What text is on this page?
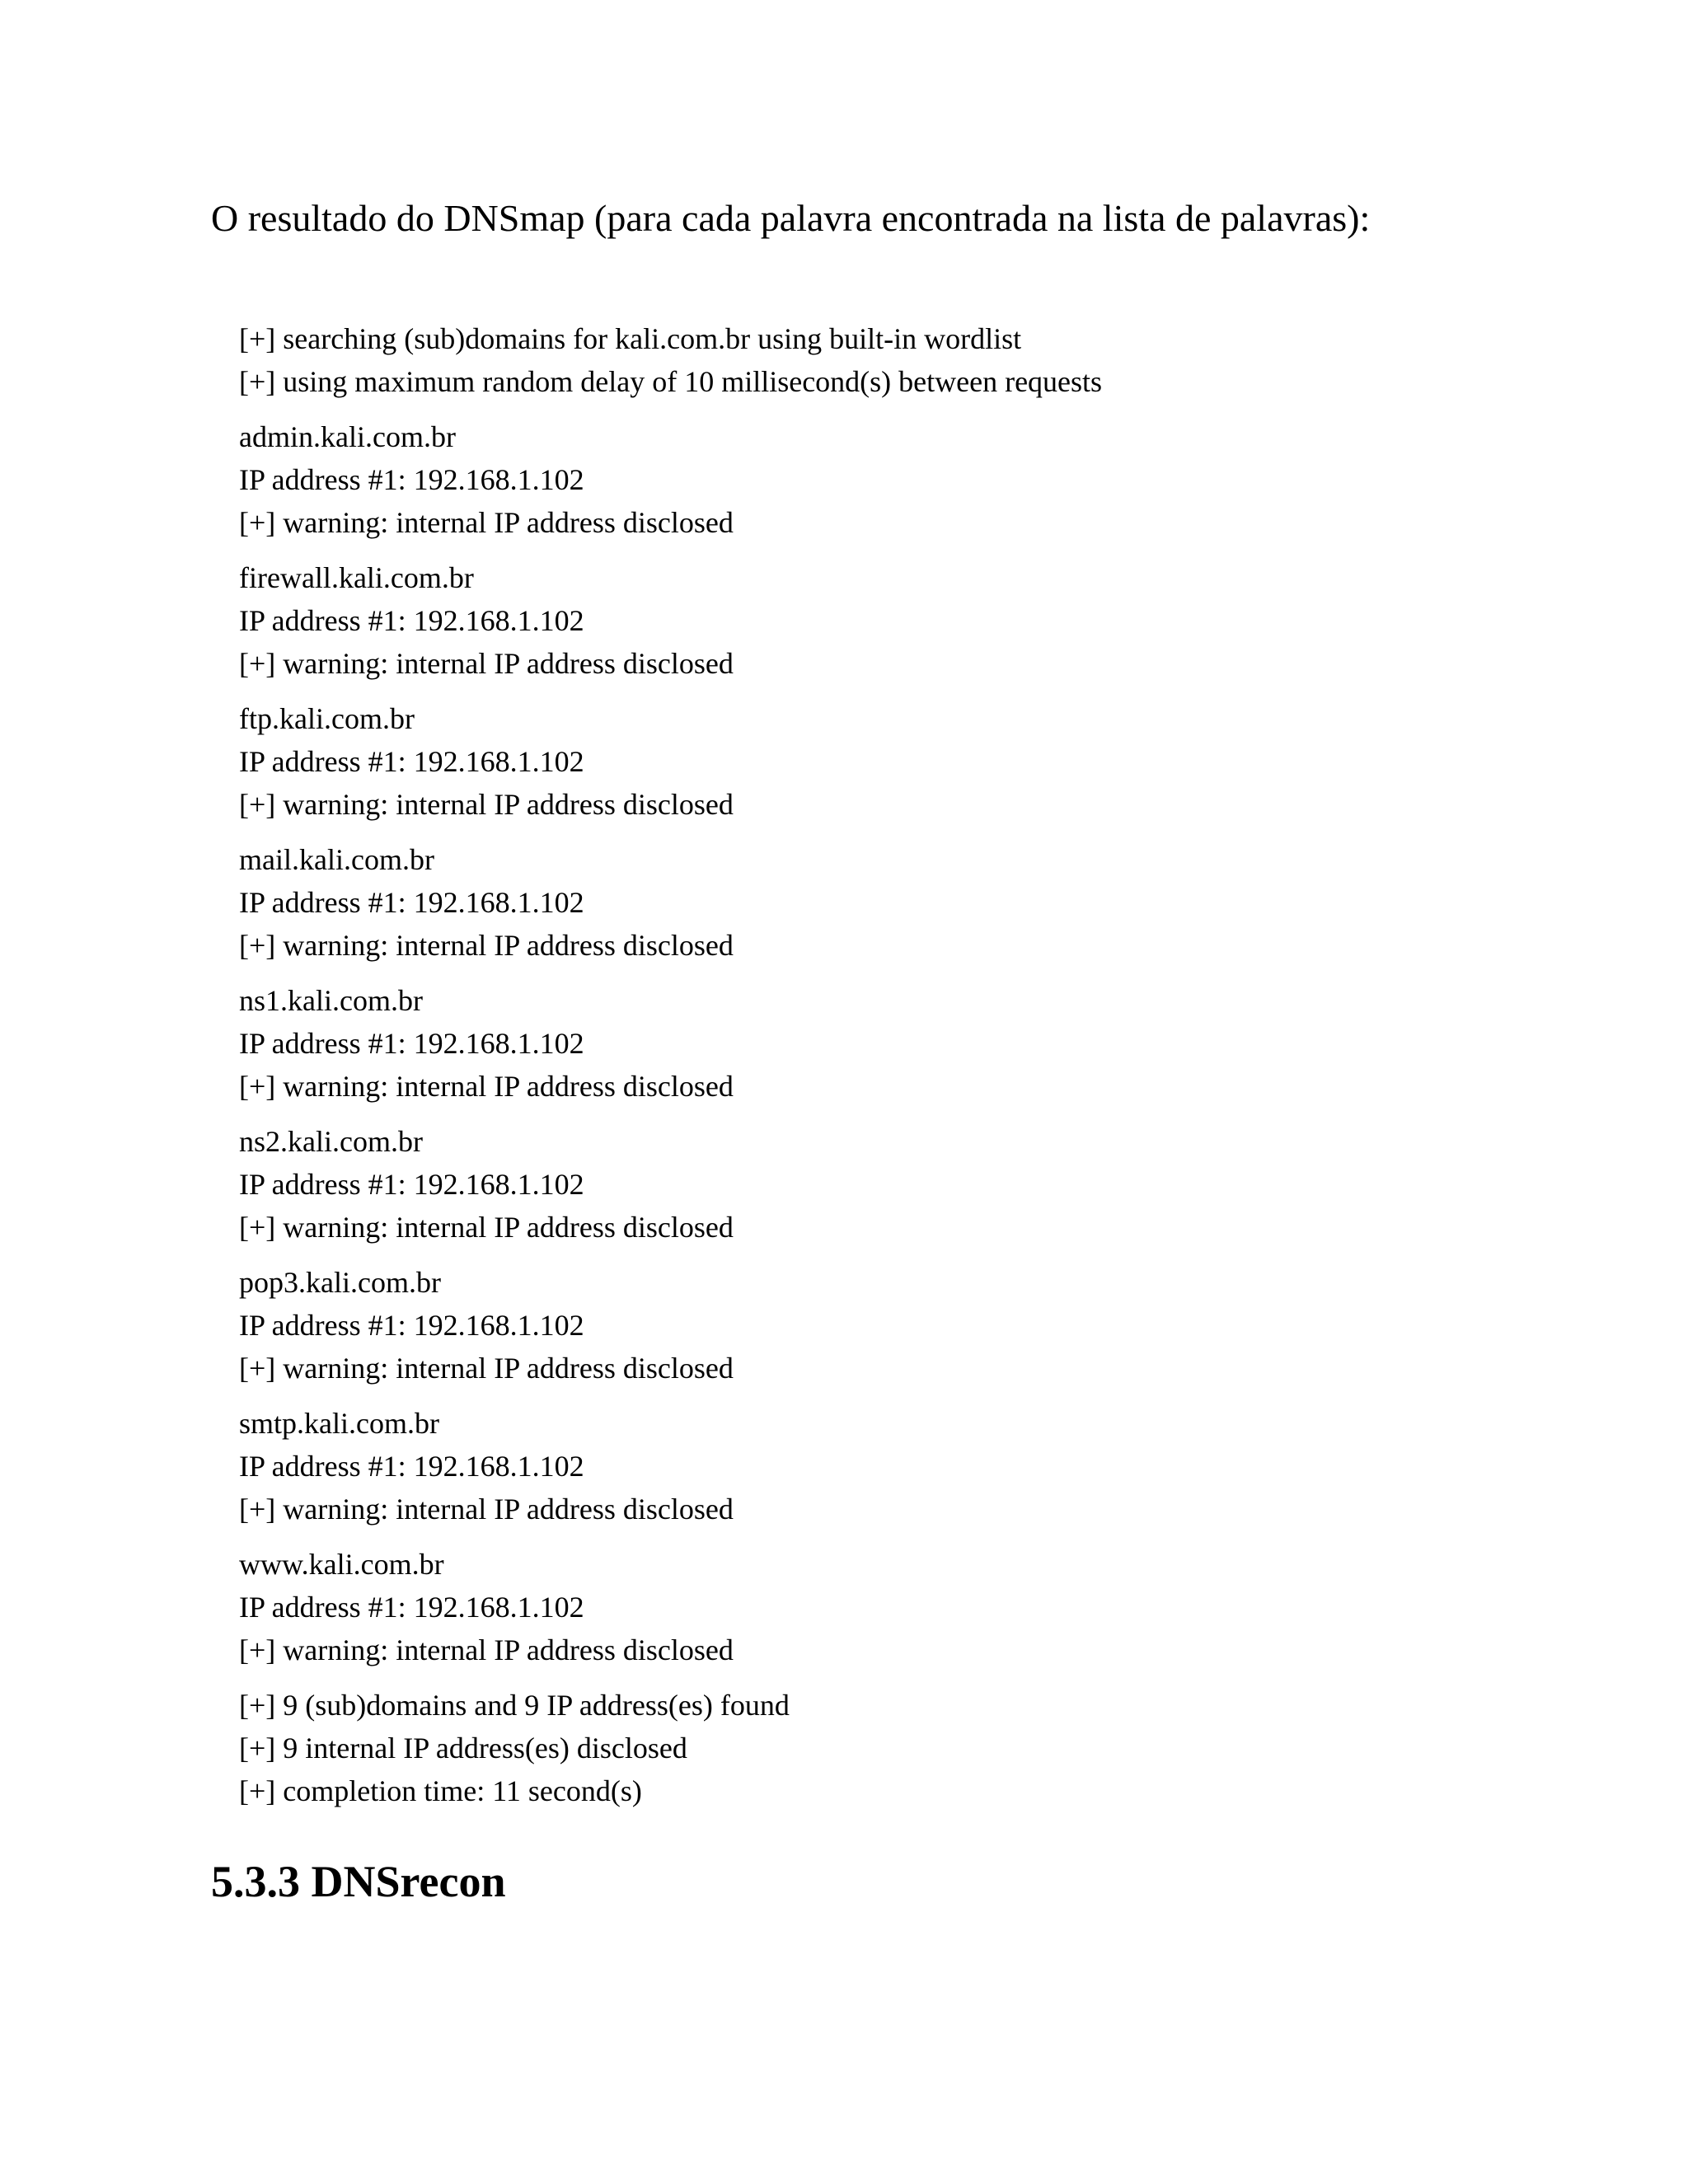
O resultado do DNSmap (para cada palavra encontrada na lista de palavras):

[+] searching (sub)domains for kali.com.br using built-in wordlist
[+] using maximum random delay of 10 millisecond(s) between requests
admin.kali.com.br
IP address #1: 192.168.1.102
[+] warning: internal IP address disclosed
firewall.kali.com.br
IP address #1: 192.168.1.102
[+] warning: internal IP address disclosed
ftp.kali.com.br
IP address #1: 192.168.1.102
[+] warning: internal IP address disclosed
mail.kali.com.br
IP address #1: 192.168.1.102
[+] warning: internal IP address disclosed
ns1.kali.com.br
IP address #1: 192.168.1.102
[+] warning: internal IP address disclosed
ns2.kali.com.br
IP address #1: 192.168.1.102
[+] warning: internal IP address disclosed
pop3.kali.com.br
IP address #1: 192.168.1.102
[+] warning: internal IP address disclosed
smtp.kali.com.br
IP address #1: 192.168.1.102
[+] warning: internal IP address disclosed
www.kali.com.br
IP address #1: 192.168.1.102
[+] warning: internal IP address disclosed
[+] 9 (sub)domains and 9 IP address(es) found
[+] 9 internal IP address(es) disclosed
[+] completion time: 11 second(s)
5.3.3 DNSrecon
